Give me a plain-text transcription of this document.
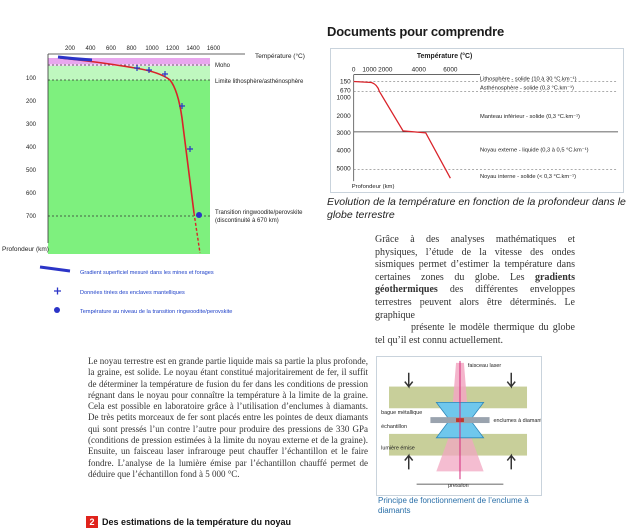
200 400 600 800 1000 1200 1400 1600
Température (°C)
100
200
300
400
500
600
700
Profondeur (km)
Moho
Limite lithosphère/asthénosphère
Transition ringwoodite/perovskite
(discontinuité à 670 km)
Gradient superficiel mesuré dans les mines et forages
Données tirées des enclaves mantelliques
Température au niveau de la transition ringwoodite/perovskite
Documents pour comprendre
Température (°C)
0 1000 2000	4000	6000
150
670
1000
2000
3000
4000
5000
Lithosphère - solide (10 à 30 °C.km⁻¹)
Asthénosphère - solide (0,3 °C.km⁻¹)
Manteau inférieur - solide (0,3 °C.km⁻¹)
Noyau externe - liquide (0,3 à 0,5 °C.km⁻¹)
Noyau interne - solide (< 0,3 °C.km⁻¹)
Profondeur (km)
Evolution de la température en fonction de la profondeur dans le globe terrestre
Grâce à des analyses mathématiques et physiques, l’étude de la vitesse des ondes sismiques permet d’estimer la température dans certaines zones du globe. Les gradients géothermiques des différentes enveloppes terrestres peuvent alors être déterminés. Le graphique
présente le modèle thermique du globe tel qu’il est connu actuellement.
Le noyau terrestre est en grande partie liquide mais sa partie la plus profonde, la graine, est solide. Le noyau étant constitué majoritairement de fer, il suffit de déterminer la température de fusion du fer dans les conditions de pression régnant dans le noyau pour connaître la température à la limite de la graine. Cela est possible en laboratoire grâce à l’utilisation d’enclumes à diamants. De très petits morceaux de fer sont placés entre les pointes de deux diamants qui sont pressés l’un contre l’autre pour produire des pressions de 330 GPa (conditions de pression estimées à la limite du noyau externe et de la graine). Ensuite, un faisceau laser infrarouge peut chauffer l’échantillon et le faire fondre. L’analyse de la lumière émise par l’échantillon chauffé permet de déduire que l’échantillon fond à 5 000 °C.
faisceau laser
bague métallique
échantillon
lumière émise
enclumes à diamant
pression
Principe de fonctionnement de l’enclume à diamants
2 Des estimations de la température du noyau
